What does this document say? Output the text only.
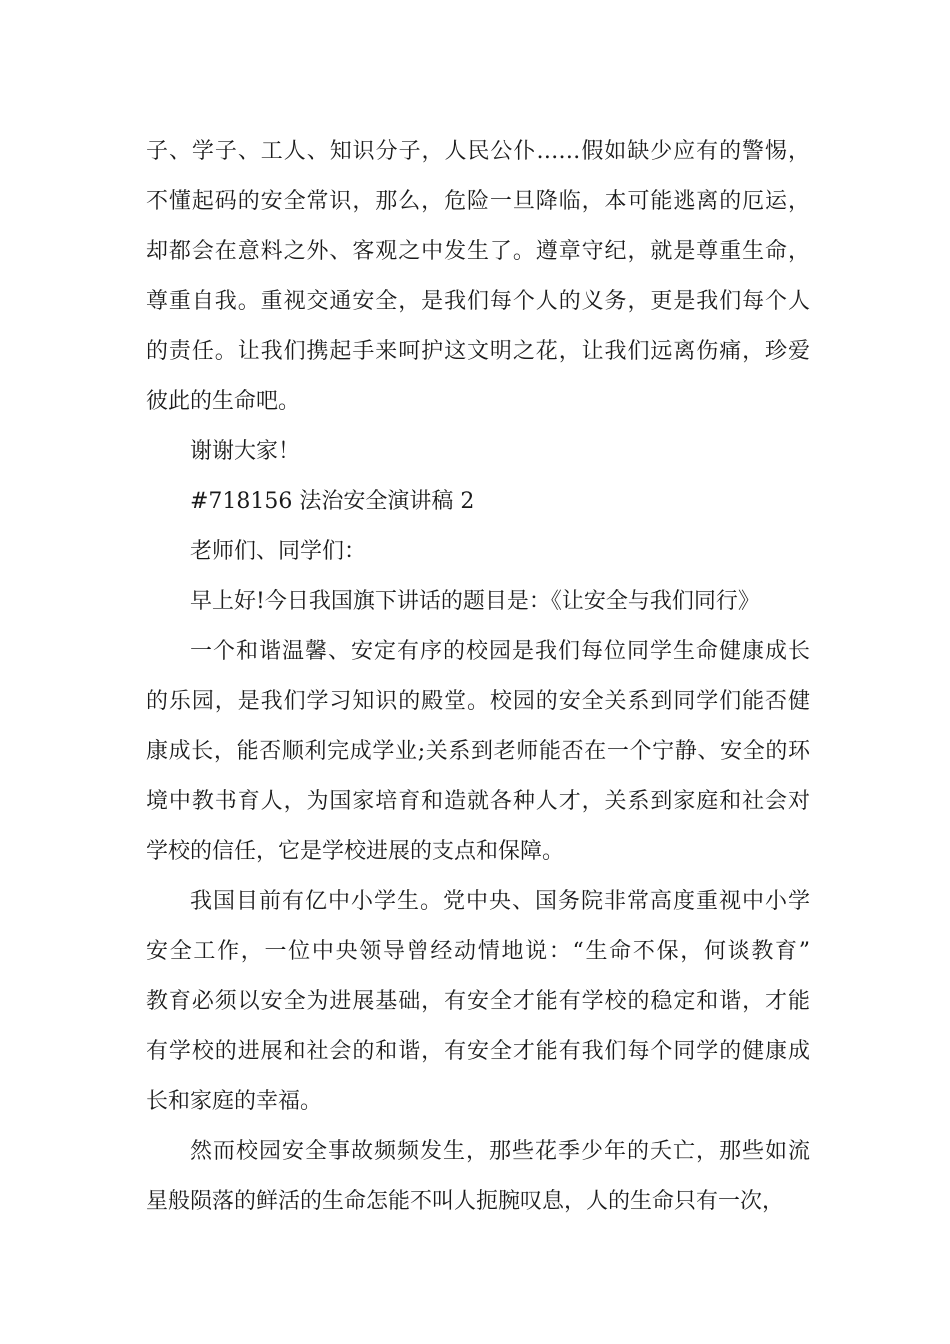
子、学子、工人、知识分子，人民公仆……假如缺少应有的警惕，
不懂起码的安全常识，那么，危险一旦降临，本可能逃离的厄运，
却都会在意料之外、客观之中发生了。遵章守纪，就是尊重生命，
尊重自我。重视交通安全，是我们每个人的义务，更是我们每个人
的责任。让我们携起手来呵护这文明之花，让我们远离伤痛，珍爱
彼此的生命吧。
谢谢大家！
#718156 法治安全演讲稿 2
老师们、同学们：
早上好!今日我国旗下讲话的题目是：《让安全与我们同行》
一个和谐温馨、安定有序的校园是我们每位同学生命健康成长
的乐园，是我们学习知识的殿堂。校园的安全关系到同学们能否健
康成长，能否顺利完成学业;关系到老师能否在一个宁静、安全的环
境中教书育人，为国家培育和造就各种人才，关系到家庭和社会对
学校的信任，它是学校进展的支点和保障。
我国目前有亿中小学生。党中央、国务院非常高度重视中小学
安全工作，一位中央领导曾经动情地说：“生命不保，何谈教育”
教育必须以安全为进展基础，有安全才能有学校的稳定和谐，才能
有学校的进展和社会的和谐，有安全才能有我们每个同学的健康成
长和家庭的幸福。
然而校园安全事故频频发生，那些花季少年的夭亡，那些如流
星般陨落的鲜活的生命怎能不叫人扼腕叹息，人的生命只有一次，
